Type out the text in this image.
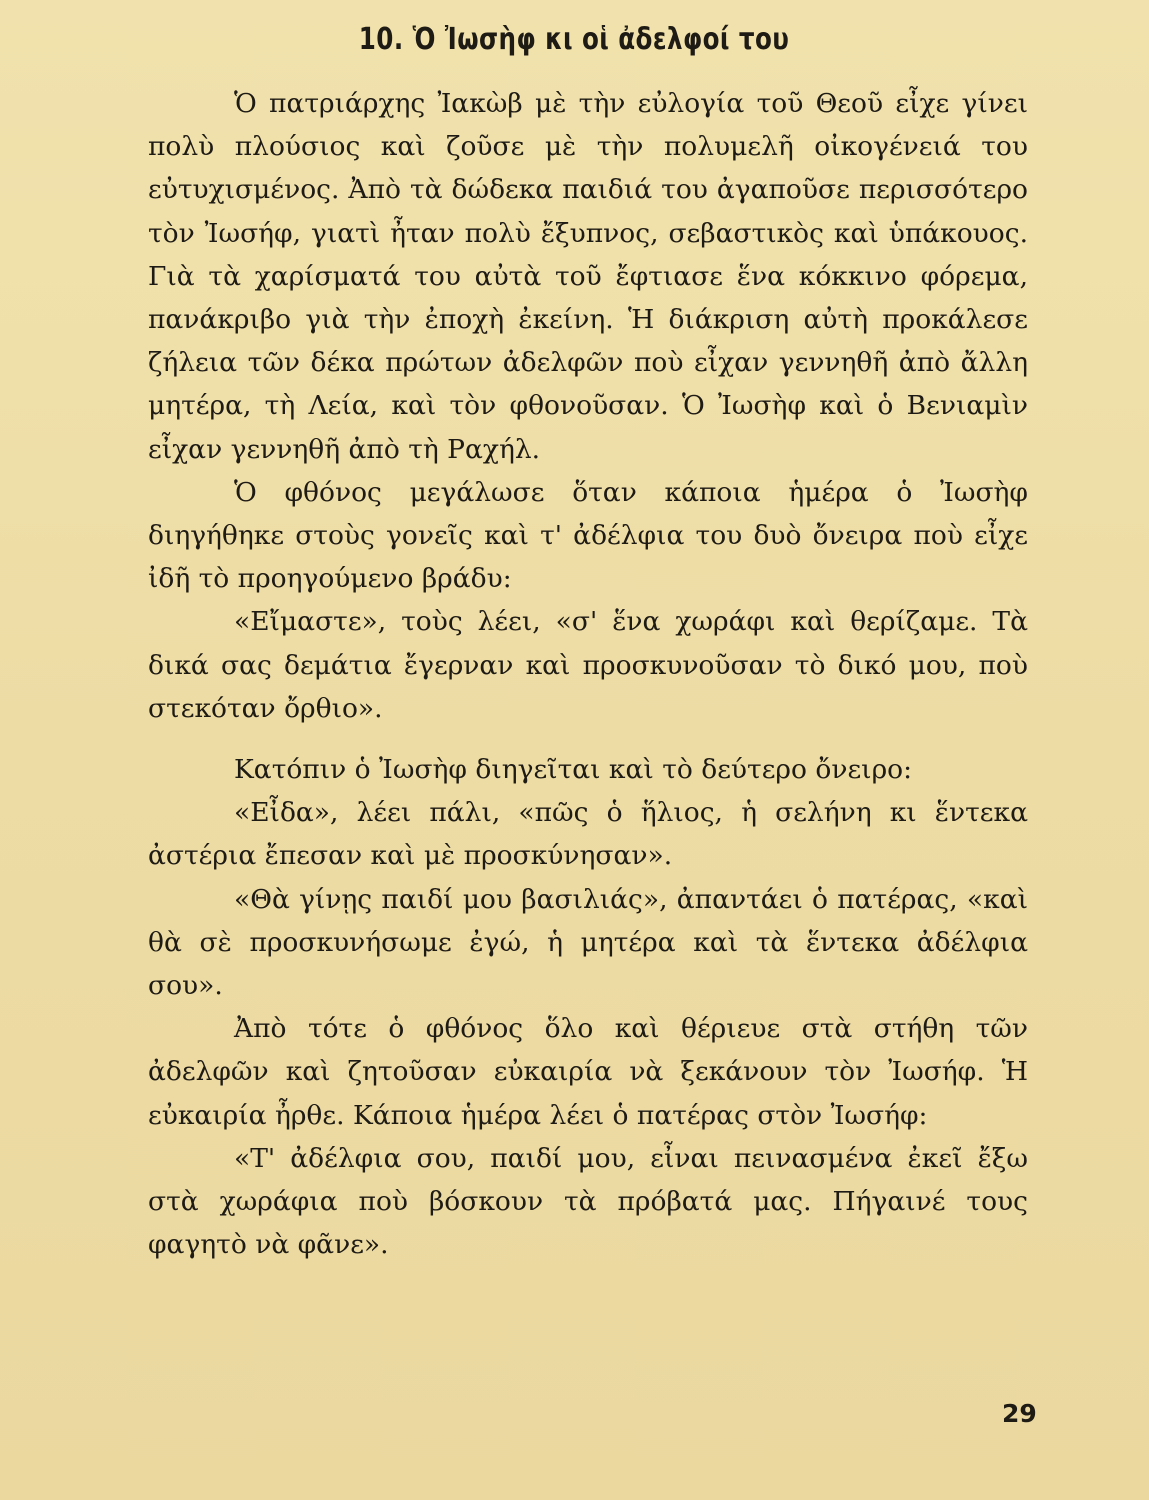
10. Ὁ Ἰωσὴφ κι οἱ ἀδελφοί του

Ὁ πατριάρχης Ἰακὼβ μὲ τὴν εὐλογία τοῦ Θεοῦ εἶχε γίνει πολὺ πλούσιος καὶ ζοῦσε μὲ τὴν πολυμελῆ οἰκογένειά του εὐτυχισμένος. Ἀπὸ τὰ δώδεκα παιδιά του ἀγαποῦσε περισσότερο τὸν Ἰωσήφ, γιατὶ ἦταν πολὺ ἔξυπνος, σεβαστικὸς καὶ ὑπάκουος. Γιὰ τὰ χαρίσματά του αὐτὰ τοῦ ἔφτιασε ἕνα κόκκινο φόρεμα, πανάκριβο γιὰ τὴν ἐποχὴ ἐκείνη. Ἡ διάκριση αὐτὴ προκάλεσε ζήλεια τῶν δέκα πρώτων ἀδελφῶν ποὺ εἶχαν γεννηθῆ ἀπὸ ἄλλη μητέρα, τὴ Λεία, καὶ τὸν φθονοῦσαν. Ὁ Ἰωσὴφ καὶ ὁ Βενιαμὶν εἶχαν γεννηθῆ ἀπὸ τὴ Ραχήλ.

Ὁ φθόνος μεγάλωσε ὅταν κάποια ἡμέρα ὁ Ἰωσὴφ διηγήθηκε στοὺς γονεῖς καὶ τ' ἀδέλφια του δυὸ ὄνειρα ποὺ εἶχε ἰδῆ τὸ προηγούμενο βράδυ:

«Εἴμαστε», τοὺς λέει, «σ' ἕνα χωράφι καὶ θερίζαμε. Τὰ δικά σας δεμάτια ἔγερναν καὶ προσκυνοῦσαν τὸ δικό μου, ποὺ στεκόταν ὄρθιο».

Κατόπιν ὁ Ἰωσὴφ διηγεῖται καὶ τὸ δεύτερο ὄνειρο:

«Εἶδα», λέει πάλι, «πῶς ὁ ἥλιος, ἡ σελήνη κι ἕντεκα ἀστέρια ἔπεσαν καὶ μὲ προσκύνησαν».

«Θὰ γίνῃς παιδί μου βασιλιάς», ἀπαντάει ὁ πατέρας, «καὶ θὰ σὲ προσκυνήσωμε ἐγώ, ἡ μητέρα καὶ τὰ ἕντεκα ἀδέλφια σου».

Ἀπὸ τότε ὁ φθόνος ὅλο καὶ θέριευε στὰ στήθη τῶν ἀδελφῶν καὶ ζητοῦσαν εὐκαιρία νὰ ξεκάνουν τὸν Ἰωσήφ. Ἡ εὐκαιρία ἦρθε. Κάποια ἡμέρα λέει ὁ πατέρας στὸν Ἰωσήφ:

«Τ' ἀδέλφια σου, παιδί μου, εἶναι πεινασμένα ἐκεῖ ἔξω στὰ χωράφια ποὺ βόσκουν τὰ πρόβατά μας. Πήγαινέ τους φαγητὸ νὰ φᾶνε».

29
